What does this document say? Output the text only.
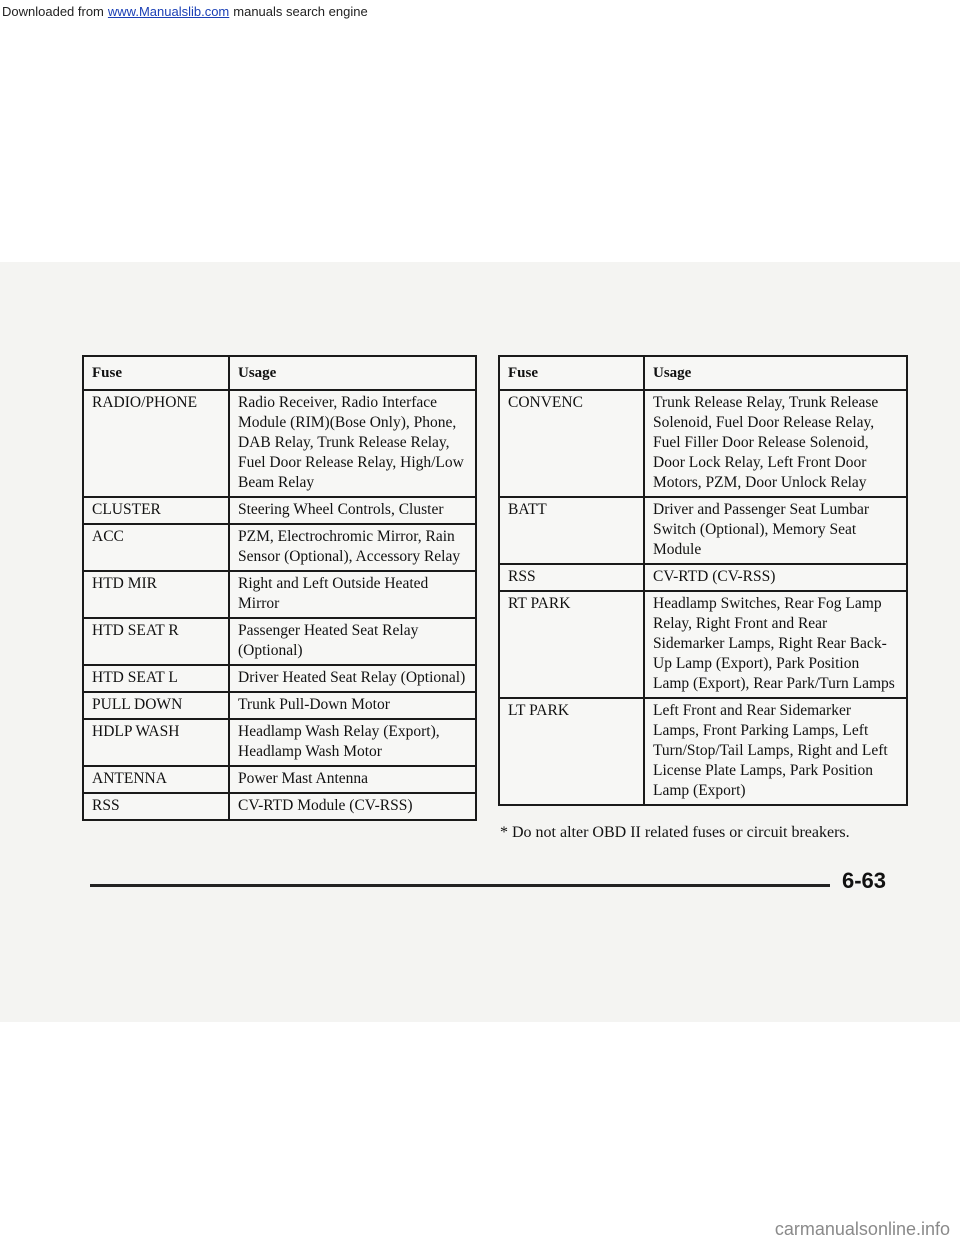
Downloaded from www.Manualslib.com manuals search engine
Fuse	Usage
RADIO/PHONE	Radio Receiver, Radio Interface Module (RIM)(Bose Only), Phone, DAB Relay, Trunk Release Relay, Fuel Door Release Relay, High/Low Beam Relay
CLUSTER	Steering Wheel Controls, Cluster
ACC	PZM, Electrochromic Mirror, Rain Sensor (Optional), Accessory Relay
HTD MIR	Right and Left Outside Heated Mirror
HTD SEAT R	Passenger Heated Seat Relay (Optional)
HTD SEAT L	Driver Heated Seat Relay (Optional)
PULL DOWN	Trunk Pull-Down Motor
HDLP WASH	Headlamp Wash Relay (Export), Headlamp Wash Motor
ANTENNA	Power Mast Antenna
RSS	CV-RTD Module (CV-RSS)
Fuse	Usage
CONVENC	Trunk Release Relay, Trunk Release Solenoid, Fuel Door Release Relay, Fuel Filler Door Release Solenoid, Door Lock Relay, Left Front Door Motors, PZM, Door Unlock Relay
BATT	Driver and Passenger Seat Lumbar Switch (Optional), Memory Seat Module
RSS	CV-RTD (CV-RSS)
RT PARK	Headlamp Switches, Rear Fog Lamp Relay, Right Front and Rear Sidemarker Lamps, Right Rear Back-Up Lamp (Export), Park Position Lamp (Export), Rear Park/Turn Lamps
LT PARK	Left Front and Rear Sidemarker Lamps, Front Parking Lamps, Left Turn/Stop/Tail Lamps, Right and Left License Plate Lamps, Park Position Lamp (Export)
* Do not alter OBD II related fuses or circuit breakers.
6-63
carmanualsonline.info
